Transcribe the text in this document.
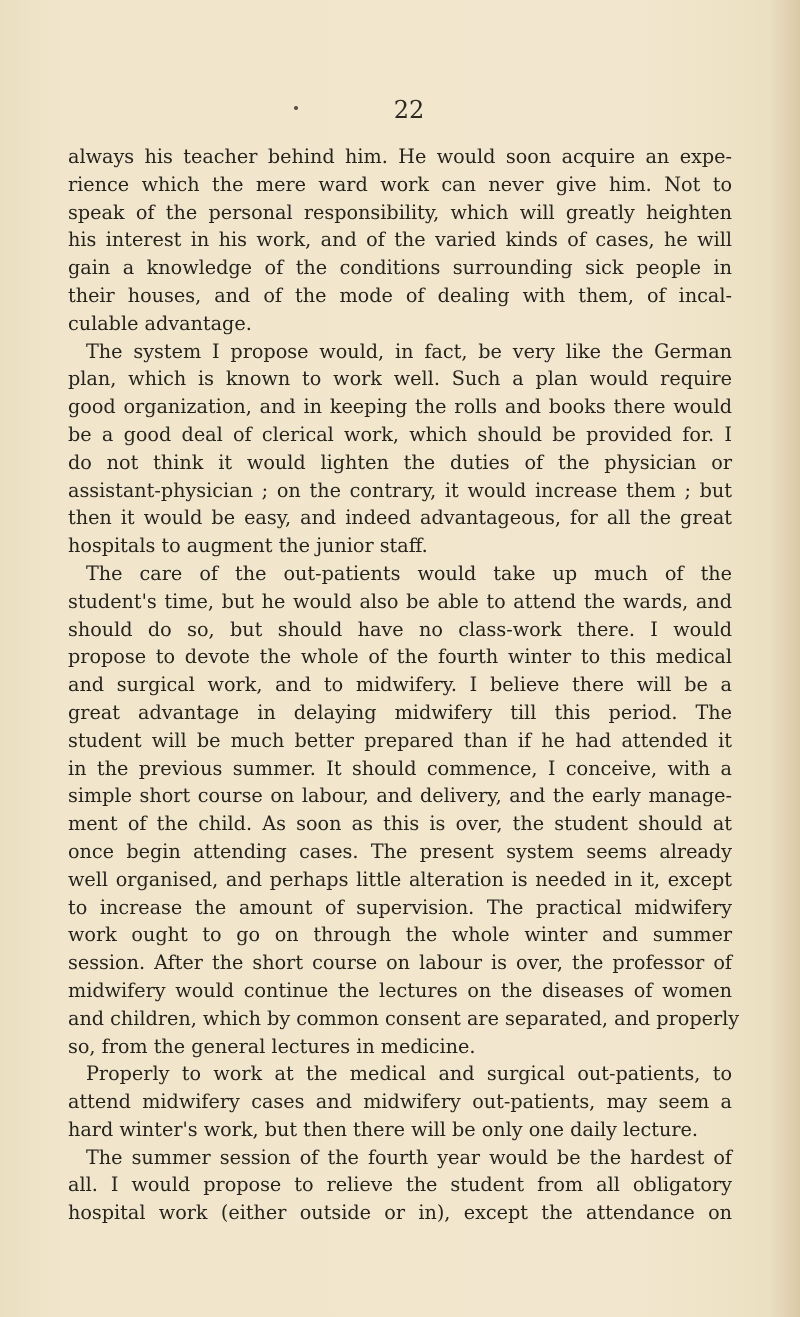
22
always his teacher behind him. He would soon acquire an expe-
rience which the mere ward work can never give him. Not to
speak of the personal responsibility, which will greatly heighten
his interest in his work, and of the varied kinds of cases, he will
gain a knowledge of the conditions surrounding sick people in
their houses, and of the mode of dealing with them, of incal-
culable advantage.
The system I propose would, in fact, be very like the German
plan, which is known to work well. Such a plan would require
good organization, and in keeping the rolls and books there would
be a good deal of clerical work, which should be provided for. I
do not think it would lighten the duties of the physician or
assistant-physician ; on the contrary, it would increase them ; but
then it would be easy, and indeed advantageous, for all the great
hospitals to augment the junior staff.
The care of the out-patients would take up much of the
student's time, but he would also be able to attend the wards, and
should do so, but should have no class-work there. I would
propose to devote the whole of the fourth winter to this medical
and surgical work, and to midwifery. I believe there will be a
great advantage in delaying midwifery till this period. The
student will be much better prepared than if he had attended it
in the previous summer. It should commence, I conceive, with a
simple short course on labour, and delivery, and the early manage-
ment of the child. As soon as this is over, the student should at
once begin attending cases. The present system seems already
well organised, and perhaps little alteration is needed in it, except
to increase the amount of supervision. The practical midwifery
work ought to go on through the whole winter and summer
session. After the short course on labour is over, the professor of
midwifery would continue the lectures on the diseases of women
and children, which by common consent are separated, and properly
so, from the general lectures in medicine.
Properly to work at the medical and surgical out-patients, to
attend midwifery cases and midwifery out-patients, may seem a
hard winter's work, but then there will be only one daily lecture.
The summer session of the fourth year would be the hardest of
all. I would propose to relieve the student from all obligatory
hospital work (either outside or in), except the attendance on
